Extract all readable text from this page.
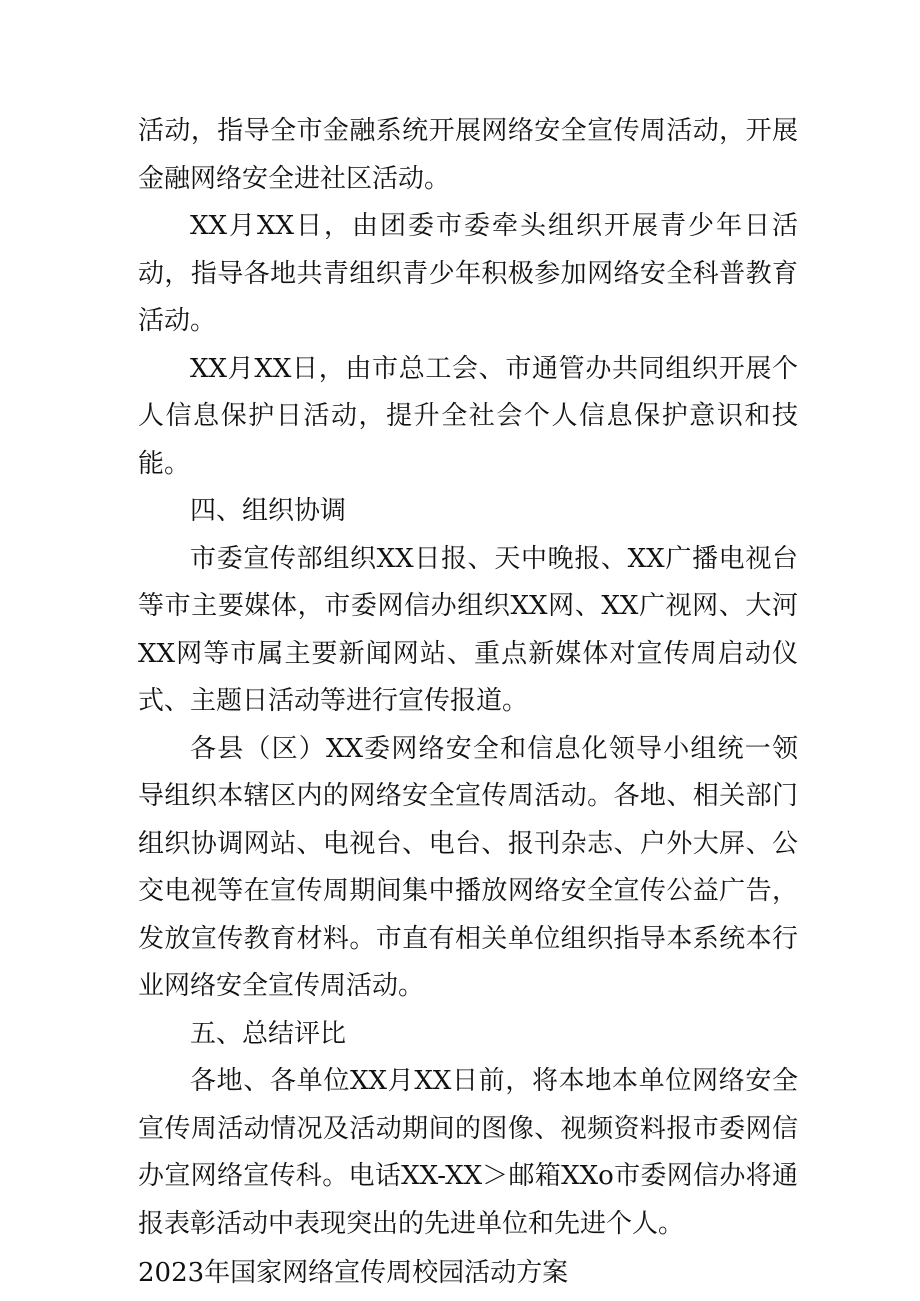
活动，指导全市金融系统开展网络安全宣传周活动，开展金融网络安全进社区活动。

XX月XX日，由团委市委牵头组织开展青少年日活动，指导各地共青组织青少年积极参加网络安全科普教育活动。

XX月XX日，由市总工会、市通管办共同组织开展个人信息保护日活动，提升全社会个人信息保护意识和技能。

四、组织协调

市委宣传部组织XX日报、天中晚报、XX广播电视台等市主要媒体，市委网信办组织XX网、XX广视网、大河XX网等市属主要新闻网站、重点新媒体对宣传周启动仪式、主题日活动等进行宣传报道。

各县（区）XX委网络安全和信息化领导小组统一领导组织本辖区内的网络安全宣传周活动。各地、相关部门组织协调网站、电视台、电台、报刊杂志、户外大屏、公交电视等在宣传周期间集中播放网络安全宣传公益广告，发放宣传教育材料。市直有相关单位组织指导本系统本行业网络安全宣传周活动。

五、总结评比

各地、各单位XX月XX日前，将本地本单位网络安全宣传周活动情况及活动期间的图像、视频资料报市委网信办宣网络宣传科。电话XX-XX＞邮箱XXo市委网信办将通报表彰活动中表现突出的先进单位和先进个人。

2023年国家网络宣传周校园活动方案
